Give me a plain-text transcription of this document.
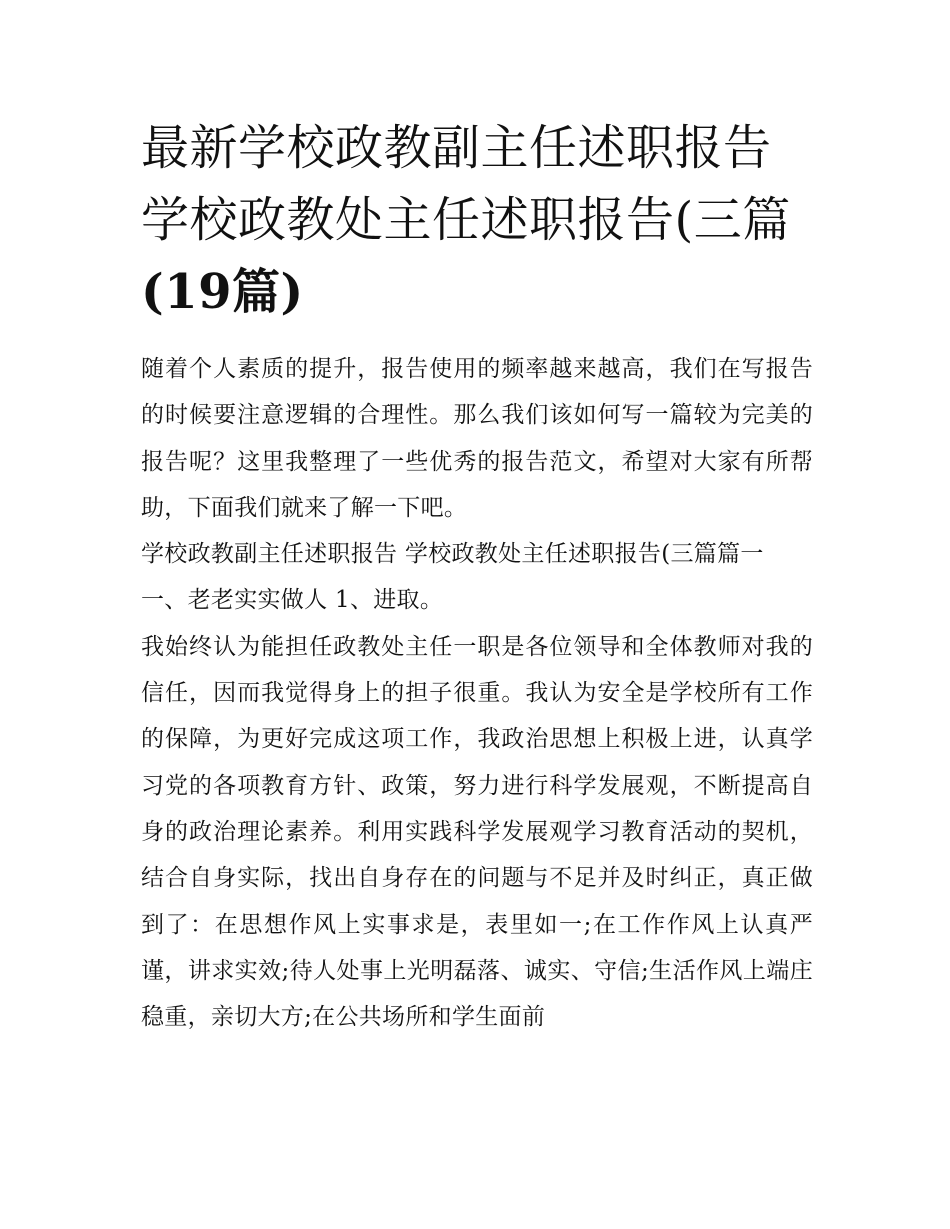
最新学校政教副主任述职报告
学校政教处主任述职报告(三篇
(19篇)

随着个人素质的提升，报告使用的频率越来越高，我们在写报告的时候要注意逻辑的合理性。那么我们该如何写一篇较为完美的报告呢？这里我整理了一些优秀的报告范文，希望对大家有所帮助，下面我们就来了解一下吧。

学校政教副主任述职报告 学校政教处主任述职报告(三篇篇一

一、老老实实做人 1、进取。

我始终认为能担任政教处主任一职是各位领导和全体教师对我的信任，因而我觉得身上的担子很重。我认为安全是学校所有工作的保障，为更好完成这项工作，我政治思想上积极上进，认真学习党的各项教育方针、政策，努力进行科学发展观，不断提高自身的政治理论素养。利用实践科学发展观学习教育活动的契机，结合自身实际，找出自身存在的问题与不足并及时纠正，真正做到了：在思想作风上实事求是，表里如一;在工作作风上认真严谨，讲求实效;待人处事上光明磊落、诚实、守信;生活作风上端庄稳重，亲切大方;在公共场所和学生面前
